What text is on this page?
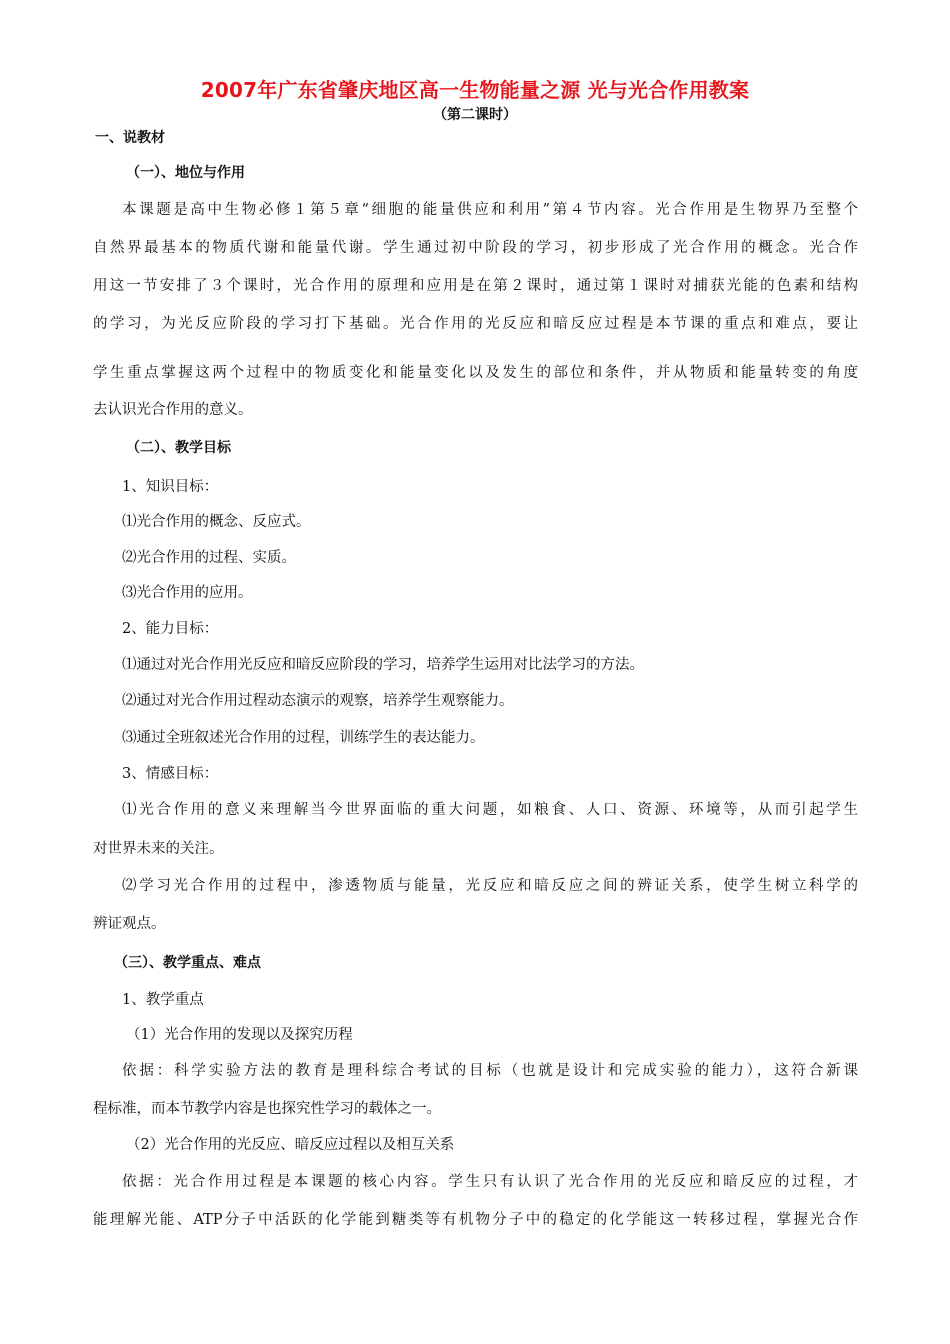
2007年广东省肇庆地区高一生物能量之源 光与光合作用教案
（第二课时）
一、说教材
（一）、地位与作用
本课题是高中生物必修１第５章“细胞的能量供应和利用”第４节内容。光合作用是生物界乃至整个
自然界最基本的物质代谢和能量代谢。学生通过初中阶段的学习，初步形成了光合作用的概念。光合作
用这一节安排了３个课时，光合作用的原理和应用是在第２课时，通过第１课时对捕获光能的色素和结构
的学习，为光反应阶段的学习打下基础。光合作用的光反应和暗反应过程是本节课的重点和难点，要让
学生重点掌握这两个过程中的物质变化和能量变化以及发生的部位和条件，并从物质和能量转变的角度
去认识光合作用的意义。
（二）、教学目标
1、知识目标：
⑴光合作用的概念、反应式。
⑵光合作用的过程、实质。
⑶光合作用的应用。
2、能力目标：
⑴通过对光合作用光反应和暗反应阶段的学习，培养学生运用对比法学习的方法。
⑵通过对光合作用过程动态演示的观察，培养学生观察能力。
⑶通过全班叙述光合作用的过程，训练学生的表达能力。
3、情感目标：
⑴光合作用的意义来理解当今世界面临的重大问题，如粮食、人口、资源、环境等，从而引起学生
对世界未来的关注。
⑵学习光合作用的过程中，渗透物质与能量，光反应和暗反应之间的辨证关系，使学生树立科学的
辨证观点。
（三）、教学重点、难点
1、教学重点
（1）光合作用的发现以及探究历程
依据：科学实验方法的教育是理科综合考试的目标（也就是设计和完成实验的能力），这符合新课
程标准，而本节教学内容是也探究性学习的载体之一。
（2）光合作用的光反应、暗反应过程以及相互关系
依据：光合作用过程是本课题的核心内容。学生只有认识了光合作用的光反应和暗反应的过程，才
能理解光能、ATP分子中活跃的化学能到糖类等有机物分子中的稳定的化学能这一转移过程，掌握光合作
